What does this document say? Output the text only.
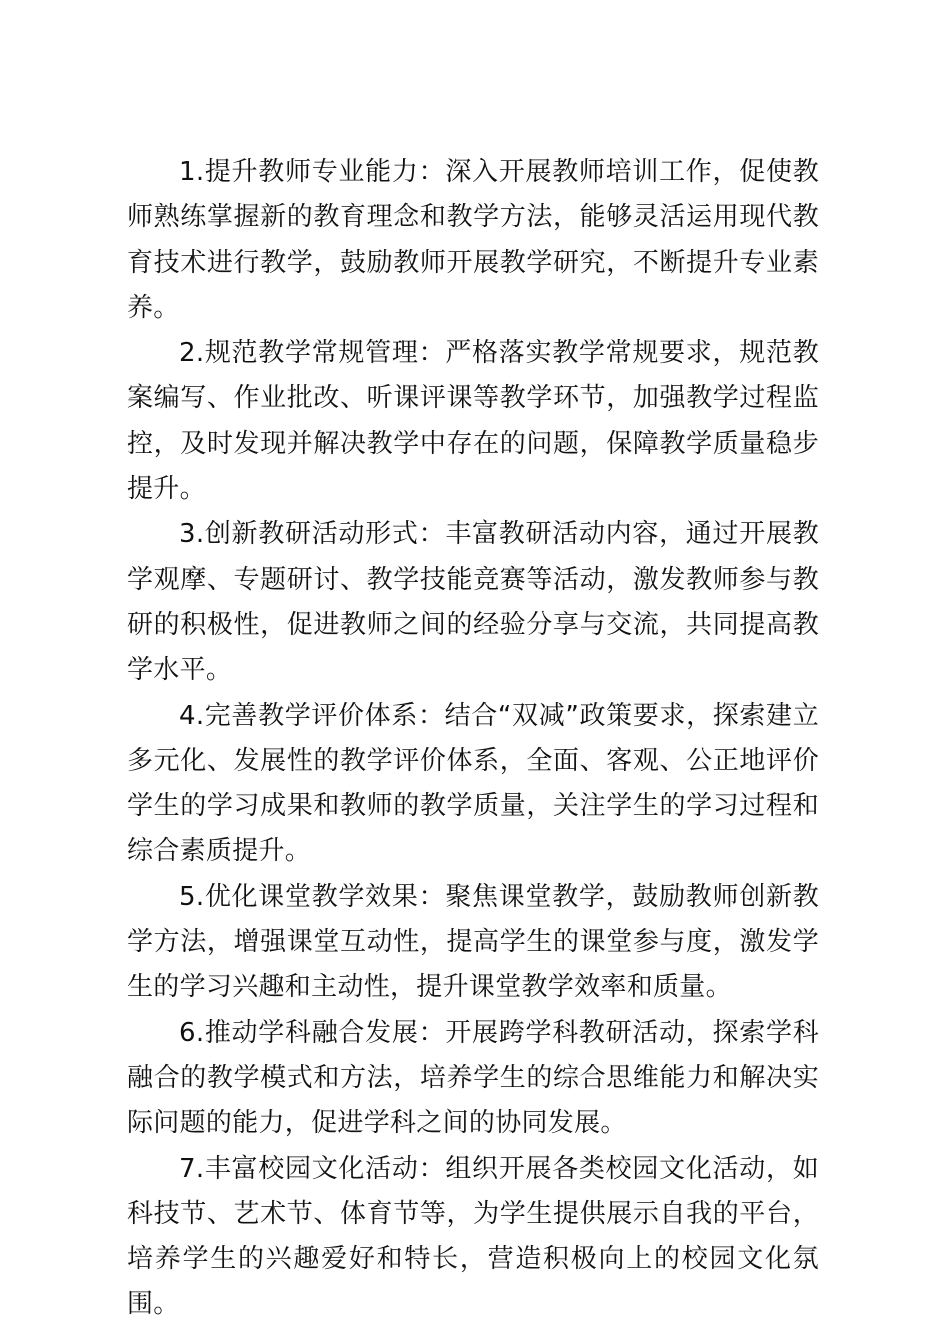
1.提升教师专业能力：深入开展教师培训工作，促使教师熟练掌握新的教育理念和教学方法，能够灵活运用现代教育技术进行教学，鼓励教师开展教学研究，不断提升专业素养。

2.规范教学常规管理：严格落实教学常规要求，规范教案编写、作业批改、听课评课等教学环节，加强教学过程监控，及时发现并解决教学中存在的问题，保障教学质量稳步提升。

3.创新教研活动形式：丰富教研活动内容，通过开展教学观摩、专题研讨、教学技能竞赛等活动，激发教师参与教研的积极性，促进教师之间的经验分享与交流，共同提高教学水平。

4.完善教学评价体系：结合“双减”政策要求，探索建立多元化、发展性的教学评价体系，全面、客观、公正地评价学生的学习成果和教师的教学质量，关注学生的学习过程和综合素质提升。

5.优化课堂教学效果：聚焦课堂教学，鼓励教师创新教学方法，增强课堂互动性，提高学生的课堂参与度，激发学生的学习兴趣和主动性，提升课堂教学效率和质量。

6.推动学科融合发展：开展跨学科教研活动，探索学科融合的教学模式和方法，培养学生的综合思维能力和解决实际问题的能力，促进学科之间的协同发展。

7.丰富校园文化活动：组织开展各类校园文化活动，如科技节、艺术节、体育节等，为学生提供展示自我的平台，培养学生的兴趣爱好和特长，营造积极向上的校园文化氛围。
